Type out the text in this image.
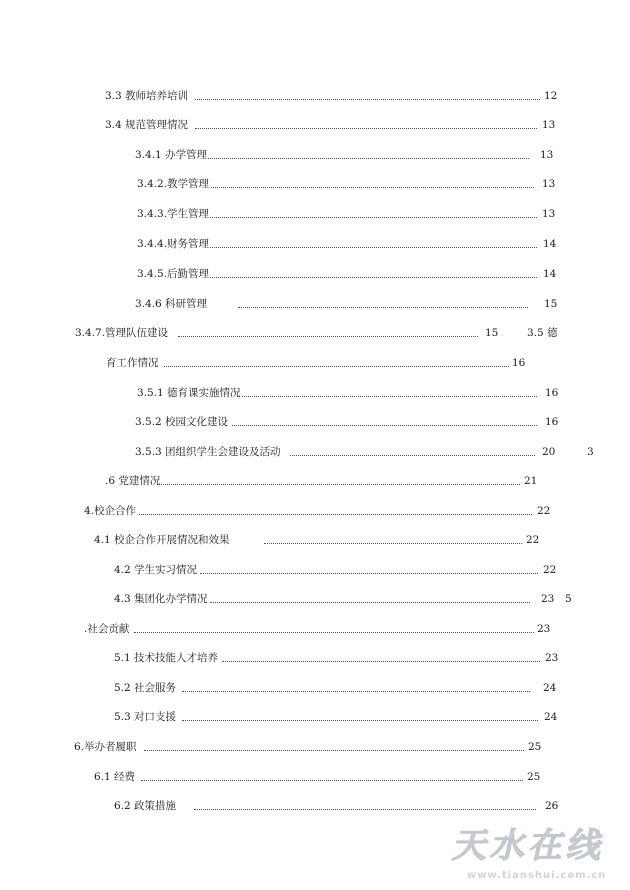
3.3 教师培养培训	12
3.4 规范管理情况	13
3.4.1 办学管理	13
3.4.2.教学管理	13
3.4.3.学生管理	13
3.4.4.财务管理	14
3.4.5.后勤管理	14
3.4.6 科研管理	15
3.4.7.管理队伍建设	15	3.5 德
育工作情况	16
3.5.1 德育课实施情况	16
3.5.2 校园文化建设	16
3.5.3 团组织学生会建设及活动	20	3
.6 党建情况	21
4.校企合作	22
4.1 校企合作开展情况和效果	22
4.2 学生实习情况	22
4.3 集团化办学情况	23 5
.社会贡献	23
5.1 技术技能人才培养	23
5.2 社会服务	24
5.3 对口支援	24
6.举办者履职	25
6.1 经费	25
6.2 政策措施	26
天水在线
www.tianshui.com.cn
